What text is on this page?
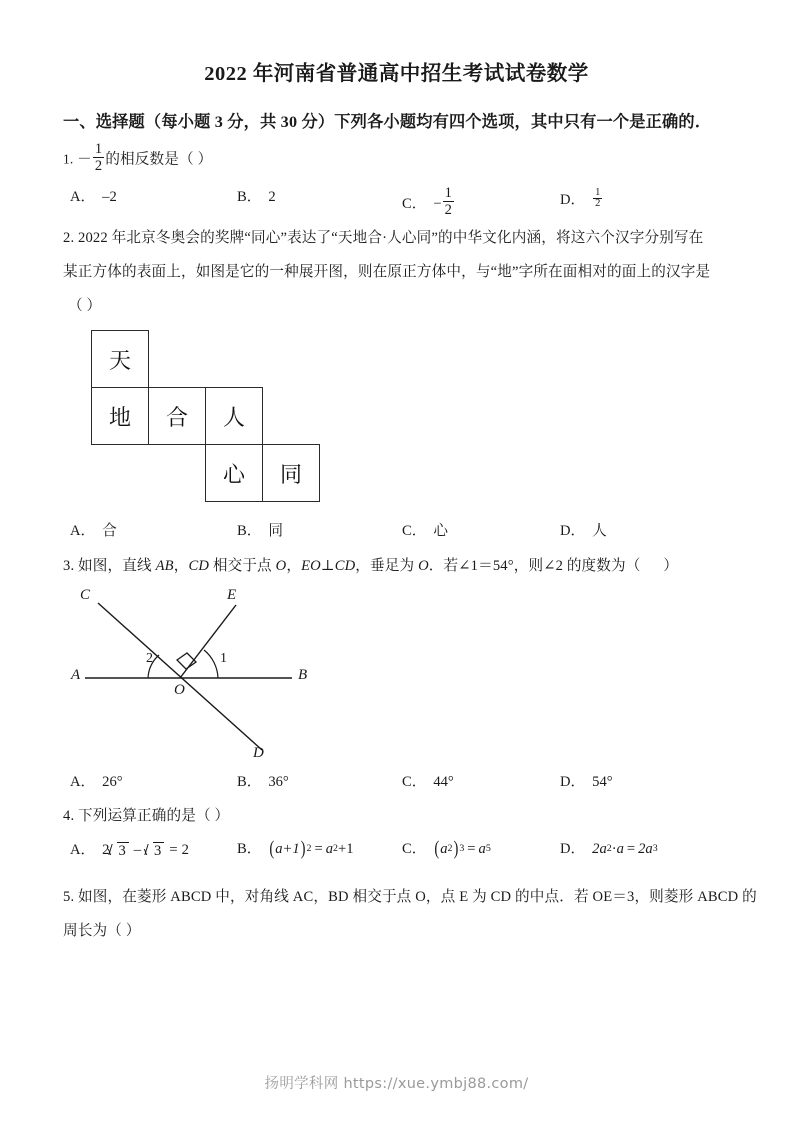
2022 年河南省普通高中招生考试试卷数学
一、选择题（每小题 3 分，共 30 分）下列各小题均有四个选项，其中只有一个是正确的．
1. － $\frac{1}{2}$ 的相反数是（ ）
A． –2	B． 2	C． − $\frac{1}{2}$	D． $\frac{1}{2}$
2. 2022 年北京冬奥会的奖牌“同心”表达了“天地合·人心同”的中华文化内涵，将这六个汉字分别写在
某正方体的表面上，如图是它的一种展开图，则在原正方体中，与“地”字所在面相对的面上的汉字是
（ ）
天
地	合	人
心	同
A． 合	B． 同	C． 心	D． 人
3. 如图，直线 AB，CD 相交于点 O，EO⊥CD，垂足为 O．若∠1＝54°，则∠2 的度数为（      ）
C	E
A	B
O
D
2	1
A． 26°	B． 36°	C． 44°	D． 54°
4. 下列运算正确的是（ ）
A． 2 3 – 3 = 2	B． ( a+1 ) 2 = a 2 +1	C． ( a 2 ) 3 = a 5	D． 2a 2 · a = 2a 3
5. 如图，在菱形 ABCD 中，对角线 AC，BD 相交于点 O，点 E 为 CD 的中点．若 OE＝3，则菱形 ABCD 的
周长为（ ）
扬明学科网 https://xue.ymbj88.com/
